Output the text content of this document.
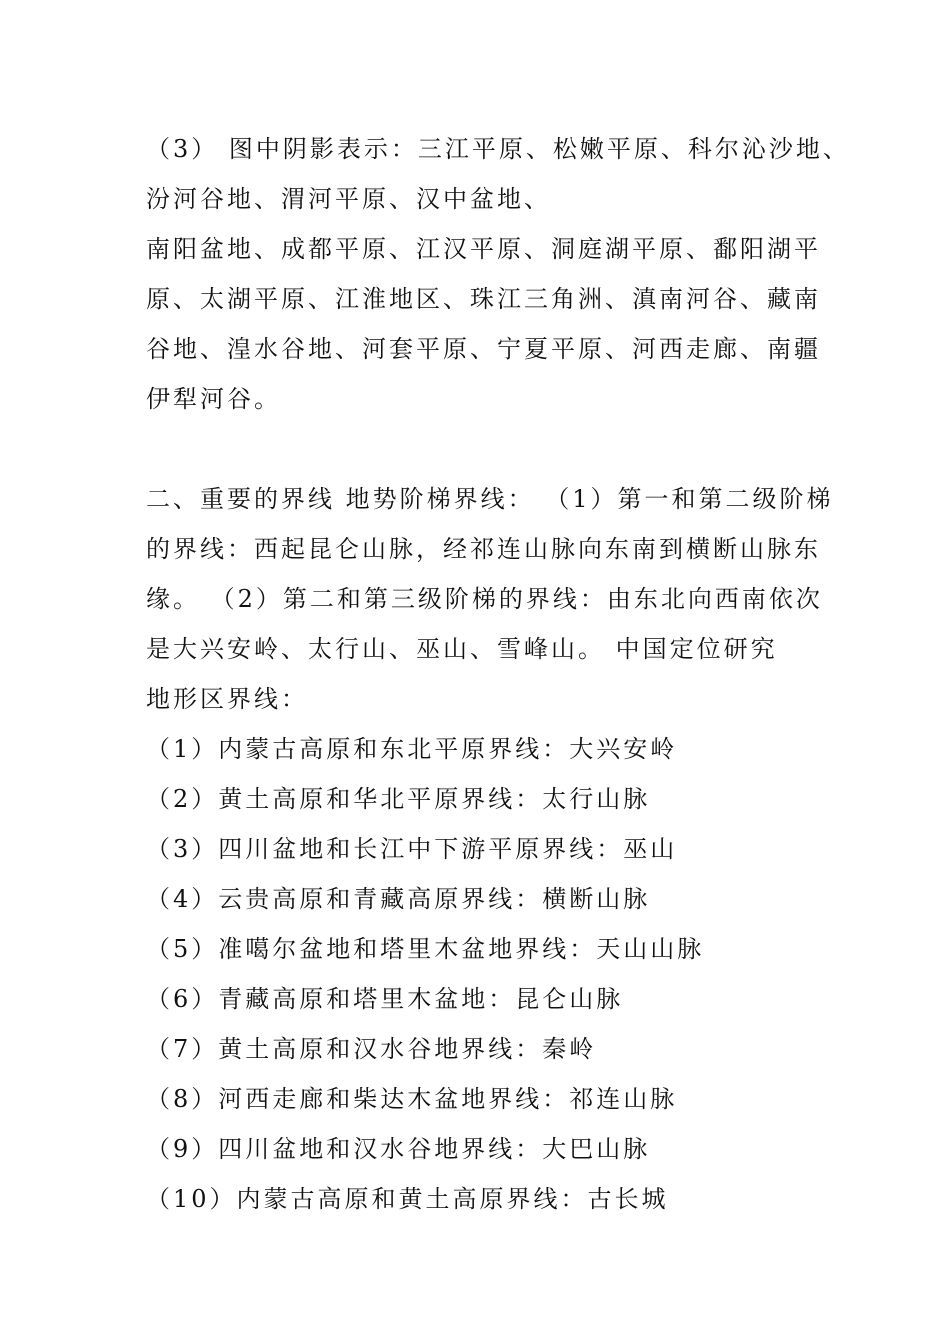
（3） 图中阴影表示：三江平原、松嫩平原、科尔沁沙地、
汾河谷地、渭河平原、汉中盆地、
南阳盆地、成都平原、江汉平原、洞庭湖平原、鄱阳湖平
原、太湖平原、江淮地区、珠江三角洲、滇南河谷、藏南
谷地、湟水谷地、河套平原、宁夏平原、河西走廊、南疆
伊犁河谷。
二、重要的界线 地势阶梯界线： （1）第一和第二级阶梯
的界线：西起昆仑山脉，经祁连山脉向东南到横断山脉东
缘。 （2）第二和第三级阶梯的界线：由东北向西南依次
是大兴安岭、太行山、巫山、雪峰山。 中国定位研究
地形区界线：
（1）内蒙古高原和东北平原界线：大兴安岭
（2）黄土高原和华北平原界线：太行山脉
（3）四川盆地和长江中下游平原界线：巫山
（4）云贵高原和青藏高原界线：横断山脉
（5）准噶尔盆地和塔里木盆地界线：天山山脉
（6）青藏高原和塔里木盆地：昆仑山脉
（7）黄土高原和汉水谷地界线：秦岭
（8）河西走廊和柴达木盆地界线：祁连山脉
（9）四川盆地和汉水谷地界线：大巴山脉
（10）内蒙古高原和黄土高原界线：古长城
